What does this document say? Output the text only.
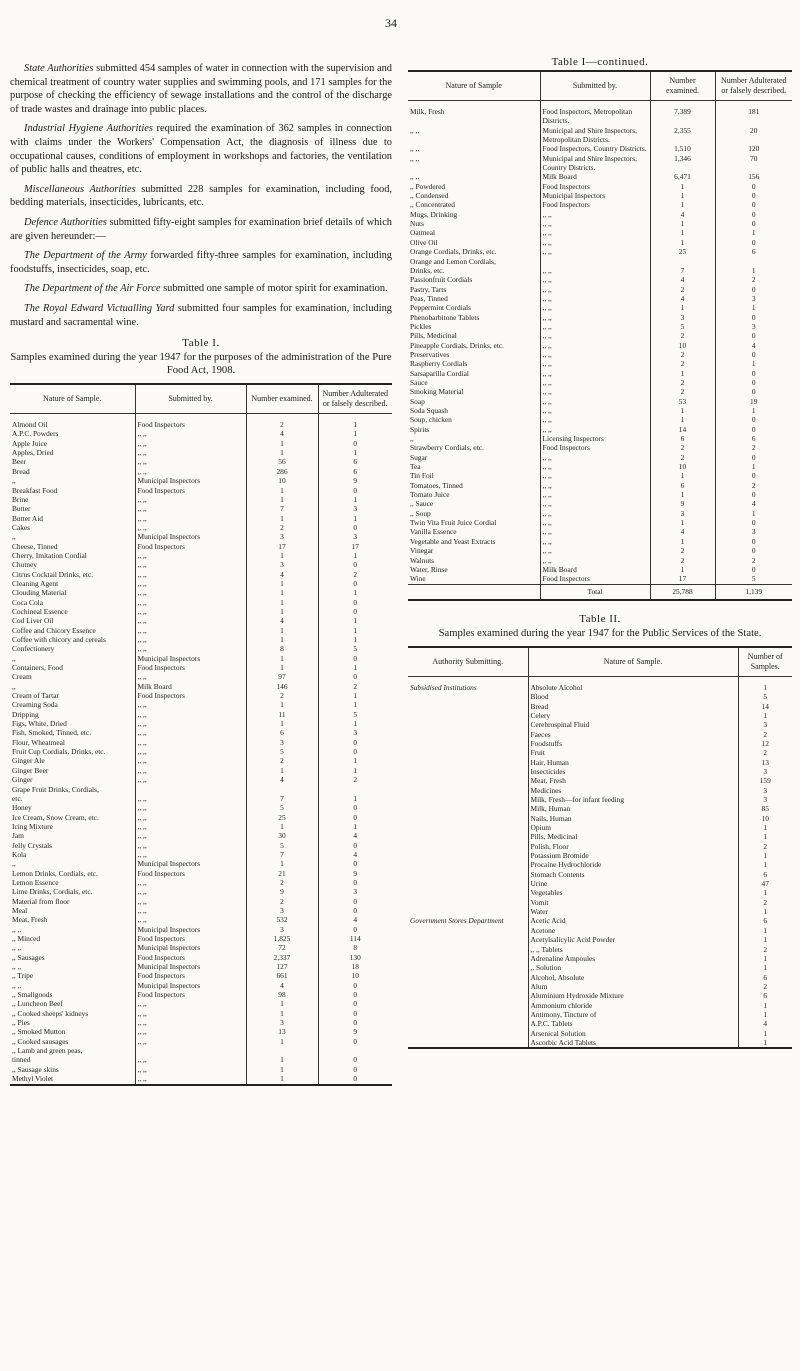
34

State Authorities submitted 454 samples of water in connection with the supervision and chemical treatment of country water supplies and swimming pools, and 171 samples for the purpose of checking the efficiency of sewage installations and the control of the discharge of trade wastes and drainage into public places.

Industrial Hygiene Authorities required the examination of 362 samples in connection with claims under the Workers' Compensation Act, the diagnosis of illness due to occupational causes, conditions of employment in workshops and factories, the ventilation of public halls and theatres, etc.

Miscellaneous Authorities submitted 228 samples for examination, including food, bedding materials, insecticides, lubricants, etc.

Defence Authorities submitted fifty-eight samples for examination brief details of which are given hereunder:—

The Department of the Army forwarded fifty-three samples for examination, including foodstuffs, insecticides, soap, etc.

The Department of the Air Force submitted one sample of motor spirit for examination.

The Royal Edward Victualling Yard submitted four samples for examination, including mustard and sacramental wine.

Table I.
Samples examined during the year 1947 for the purposes of the administration of the Pure Food Act, 1908.
Nature of Sample.	Submitted by.	Number examined.	Number Adulterated or falsely described.
Almond Oil	Food Inspectors	2	1
A.P.C. Powders	,, ,,	4	1
Apple Juice	,, ,,	1	0
Apples, Dried	,, ,,	1	1
Beer	,, ,,	56	6
Bread	,, ,,	286	6
,,	Municipal Inspectors	10	9
Breakfast Food	Food Inspectors	1	0
Brine	,, ,,	1	1
Butter	,, ,,	7	3
Butter Aid	,, ,,	1	1
Cakes	,, ,,	2	0
,,	Municipal Inspectors	3	3
Cheese, Tinned	Food Inspectors	17	17
Cherry, Imitation Cordial	,, ,,	1	1
Chutney	,, ,,	3	0
Citrus Cocktail Drinks, etc.	,, ,,	4	2
Cleaning Agent	,, ,,	1	0
Clouding Material	,, ,,	1	1
Coca Cola	,, ,,	1	0
Cochineal Essence	,, ,,	1	0
Cod Liver Oil	,, ,,	4	1
Coffee and Chicory Essence	,, ,,	1	1
Coffee with chicory and cereals	,, ,,	1	1
Confectionery	,, ,,	8	5
,,	Municipal Inspectors	1	0
Containers, Food	Food Inspectors	1	1
Cream	,, ,,	97	0
,,	Milk Board	146	2
Cream of Tartar	Food Inspectors	2	1
Creaming Soda	,, ,,	1	1
Dripping	,, ,,	11	5
Figs, White, Dried	,, ,,	1	1
Fish, Smoked, Tinned, etc.	,, ,,	6	3
Flour, Wheatmeal	,, ,,	3	0
Fruit Cup Cordials, Drinks, etc.	,, ,,	5	0
Ginger Ale	,, ,,	2	1
Ginger Beer	,, ,,	1	1
Ginger	,, ,,	4	2
Grape Fruit Drinks, Cordials,			
etc.	,, ,,	7	1
Honey	,, ,,	5	0
Ice Cream, Snow Cream, etc.	,, ,,	25	0
Icing Mixture	,, ,,	1	1
Jam	,, ,,	30	4
Jelly Crystals	,, ,,	5	0
Kola	,, ,,	7	4
,,	Municipal Inspectors	1	0
Lemon Drinks, Cordials, etc.	Food Inspectors	21	9
Lemon Essence	,, ,,	2	0
Lime Drinks, Cordials, etc.	,, ,,	9	3
Material from floor	,, ,,	2	0
Meal	,, ,,	3	0
Meat, Fresh	,, ,,	532	4
,, ,,	Municipal Inspectors	3	0
,, Minced	Food Inspectors	1,825	114
,, ,,	Municipal Inspectors	72	8
,, Sausages	Food Inspectors	2,337	130
,, ,,	Municipal Inspectors	127	18
,, Tripe	Food Inspectors	661	10
,, ,,	Municipal Inspectors	4	0
,, Smallgoods	Food Inspectors	98	0
,, Luncheon Beef	,, ,,	1	0
,, Cooked sheeps' kidneys	,, ,,	1	0
,, Pies	,, ,,	3	0
,, Smoked Mutton	,, ,,	13	9
,, Cooked sausages	,, ,,	1	0
,, Lamb and green peas,			
tinned	,, ,,	1	0
,, Sausage skins	,, ,,	1	0
Methyl Violet	,, ,,	1	0
Table I—continued.
Nature of Sample	Submitted by.	Number examined.	Number Adulterated or falsely described.
Milk, Fresh	Food Inspectors, Metropolitan Districts.	7,389	181
,, ,,	Municipal and Shire Inspectors, Metropolitan Districts.	2,355	20
,, ,,	Food Inspectors, Country Districts.	1,510	120
,, ,,	Municipal and Shire Inspectors, Country Districts.	1,346	70
,, ,,	Milk Board	6,471	156
,, Powdered	Food Inspectors	1	0
,, Condensed	Municipal Inspectors	1	0
,, Concentrated	Food Inspectors	1	0
Mugs, Drinking	,, ,,	4	0
Nuts	,, ,,	1	0
Oatmeal	,, ,,	1	1
Olive Oil	,, ,,	1	0
Orange Cordials, Drinks, etc.	,, ,,	25	6
Orange and Lemon Cordials,			
Drinks, etc.	,, ,,	7	1
Passionfruit Cordials	,, ,,	4	2
Pastry, Tarts	,, ,,	2	0
Peas, Tinned	,, ,,	4	3
Peppermint Cordials	,, ,,	1	1
Phenobarbitone Tablets	,, ,,	3	0
Pickles	,, ,,	5	3
Pills, Medicinal	,, ,,	2	0
Pineapple Cordials, Drinks, etc.	,, ,,	10	4
Preservatives	,, ,,	2	0
Raspberry Cordials	,, ,,	2	1
Sarsaparilla Cordial	,, ,,	1	0
Sauce	,, ,,	2	0
Smoking Material	,, ,,	2	0
Soap	,, ,,	53	19
Soda Squash	,, ,,	1	1
Soup, chicken	,, ,,	1	0
Spirits	,, ,,	14	0
,,	Licensing Inspectors	6	6
Strawberry Cordials, etc.	Food Inspectors	2	2
Sugar	,, ,,	2	0
Tea	,, ,,	10	1
Tin Foil	,, ,,	1	0
Tomatoes, Tinned	,, ,,	6	2
Tomato Juice	,, ,,	1	0
,, Sauce	,, ,,	9	4
,, Soup	,, ,,	3	1
Twin Vita Fruit Juice Cordial	,, ,,	1	0
Vanilla Essence	,, ,,	4	3
Vegetable and Yeast Extracts	,, ,,	1	0
Vinegar	,, ,,	2	0
Walnuts	,, ,,	2	2
Water, Rinse	Milk Board	1	0
Wine	Food Inspectors	17	5
	Total	25,788	1,139
Table II.
Samples examined during the year 1947 for the Public Services of the State.
Authority Submitting.	Nature of Sample.	Number of Samples.
Subsidised Institutions	Absolute Alcohol	1
	Blood	5
	Bread	14
	Celery	1
	Cerebrospinal Fluid	3
	Faeces	2
	Foodstuffs	12
	Fruit	2
	Hair, Human	13
	Insecticides	3
	Meat, Fresh	159
	Medicines	3
	Milk, Fresh—for infant feeding	3
	Milk, Human	85
	Nails, Human	10
	Opium	1
	Pills, Medicinal	1
	Polish, Floor	2
	Potassium Bromide	1
	Procaine Hydrochloride	1
	Stomach Contents	6
	Urine	47
	Vegetables	1
	Vomit	2
	Water	1
Government Stores Department	Acetic Acid	6
	Acetone	1
	Acetylsalicylic Acid Powder	1
	,, ,, Tablets	2
	Adrenaline Ampoules	1
	,, Solution	1
	Alcohol, Absolute	6
	Alum	2
	Aluminium Hydroxide Mixture	6
	Ammonium chloride	1
	Antimony, Tincture of	1
	A.P.C. Tablets	4
	Arsenical Solution	1
	Ascorbic Acid Tablets	1
